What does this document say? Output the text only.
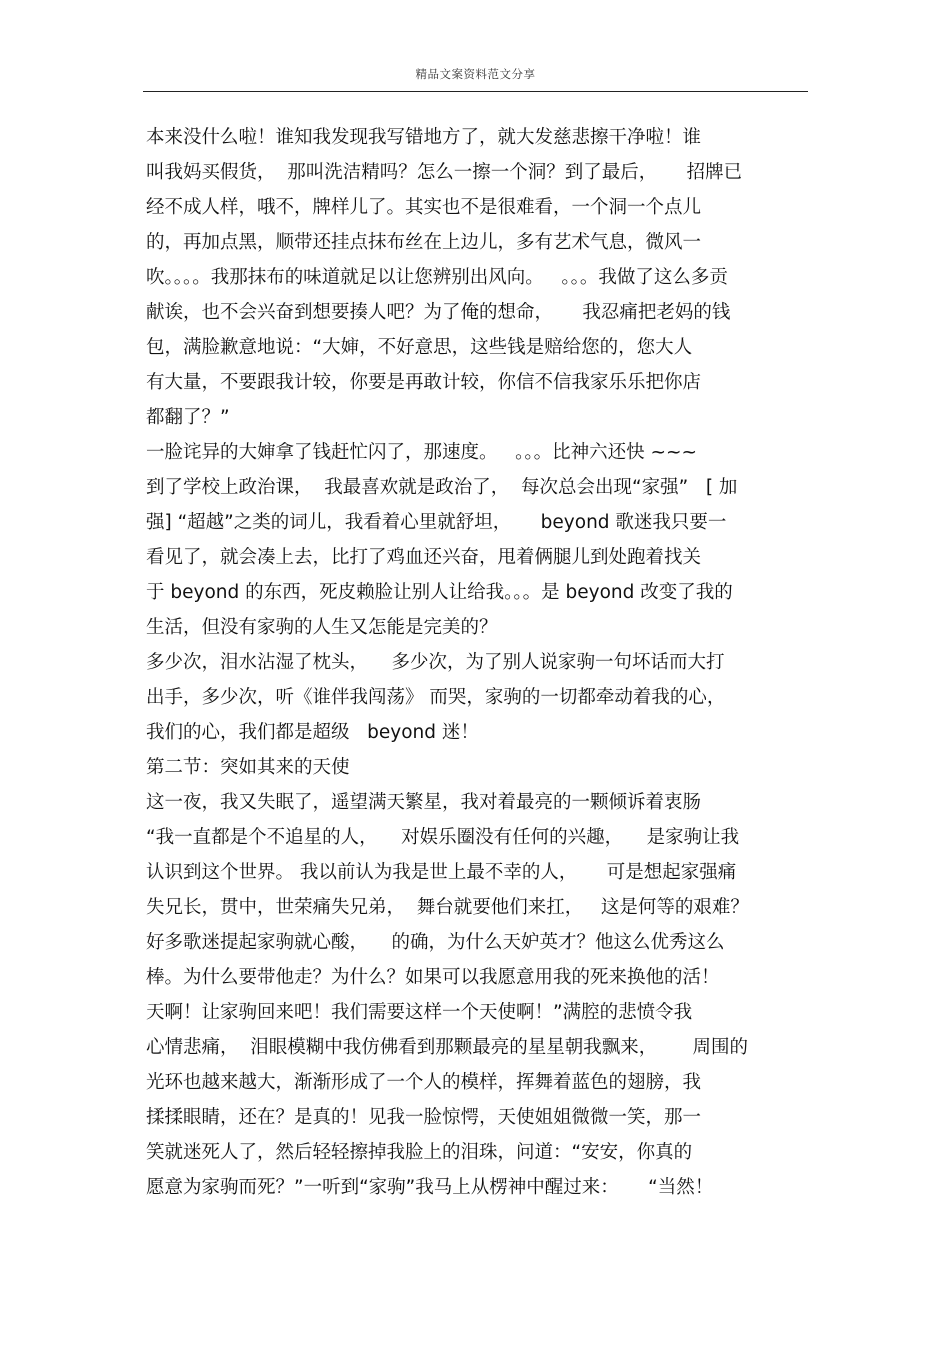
精品文案资料范文分享
本来没什么啦！谁知我发现我写错地方了，就大发慈悲擦干净啦！谁
叫我妈买假货，  那叫洗洁精吗？怎么一擦一个洞？到了最后，     招牌已
经不成人样，哦不，牌样儿了。其实也不是很难看，一个洞一个点儿
的，再加点黑，顺带还挂点抹布丝在上边儿，多有艺术气息，微风一
吹。。。。我那抹布的味道就足以让您辨别出风向。   。。。我做了这么多贡
献诶，也不会兴奋到想要揍人吧？为了俺的想命，     我忍痛把老妈的钱
包，满脸歉意地说：“大婶，不好意思，这些钱是赔给您的，您大人
有大量，不要跟我计较，你要是再敢计较，你信不信我家乐乐把你店
都翻了？”
一脸诧异的大婶拿了钱赶忙闪了，那速度。   。。。比神六还快 ~~~
到了学校上政治课，  我最喜欢就是政治了，  每次总会出现“家强”   [ 加
强] “超越”之类的词儿，我看着心里就舒坦，     beyond 歌迷我只要一
看见了，就会凑上去，比打了鸡血还兴奋，甩着俩腿儿到处跑着找关
于 beyond 的东西，死皮赖脸让别人让给我。。。是 beyond 改变了我的
生活，但没有家驹的人生又怎能是完美的？
多少次，泪水沾湿了枕头，    多少次，为了别人说家驹一句坏话而大打
出手，多少次，听《谁伴我闯荡》 而哭，家驹的一切都牵动着我的心，
我们的心，我们都是超级   beyond 迷！
第二节：突如其来的天使
这一夜，我又失眠了，遥望满天繁星，我对着最亮的一颗倾诉着衷肠
“我一直都是个不追星的人，    对娱乐圈没有任何的兴趣，    是家驹让我
认识到这个世界。 我以前认为我是世上最不幸的人，     可是想起家强痛
失兄长，贯中，世荣痛失兄弟，  舞台就要他们来扛，   这是何等的艰难？
好多歌迷提起家驹就心酸，    的确，为什么天妒英才？他这么优秀这么
棒。为什么要带他走？为什么？如果可以我愿意用我的死来换他的活！
天啊！让家驹回来吧！我们需要这样一个天使啊！”满腔的悲愤令我
心情悲痛，  泪眼模糊中我仿佛看到那颗最亮的星星朝我飘来，      周围的
光环也越来越大，渐渐形成了一个人的模样，挥舞着蓝色的翅膀，我
揉揉眼睛，还在？是真的！见我一脸惊愕，天使姐姐微微一笑，那一
笑就迷死人了，然后轻轻擦掉我脸上的泪珠，问道：“安安，你真的
愿意为家驹而死？”一听到“家驹”我马上从楞神中醒过来：     “当然！
